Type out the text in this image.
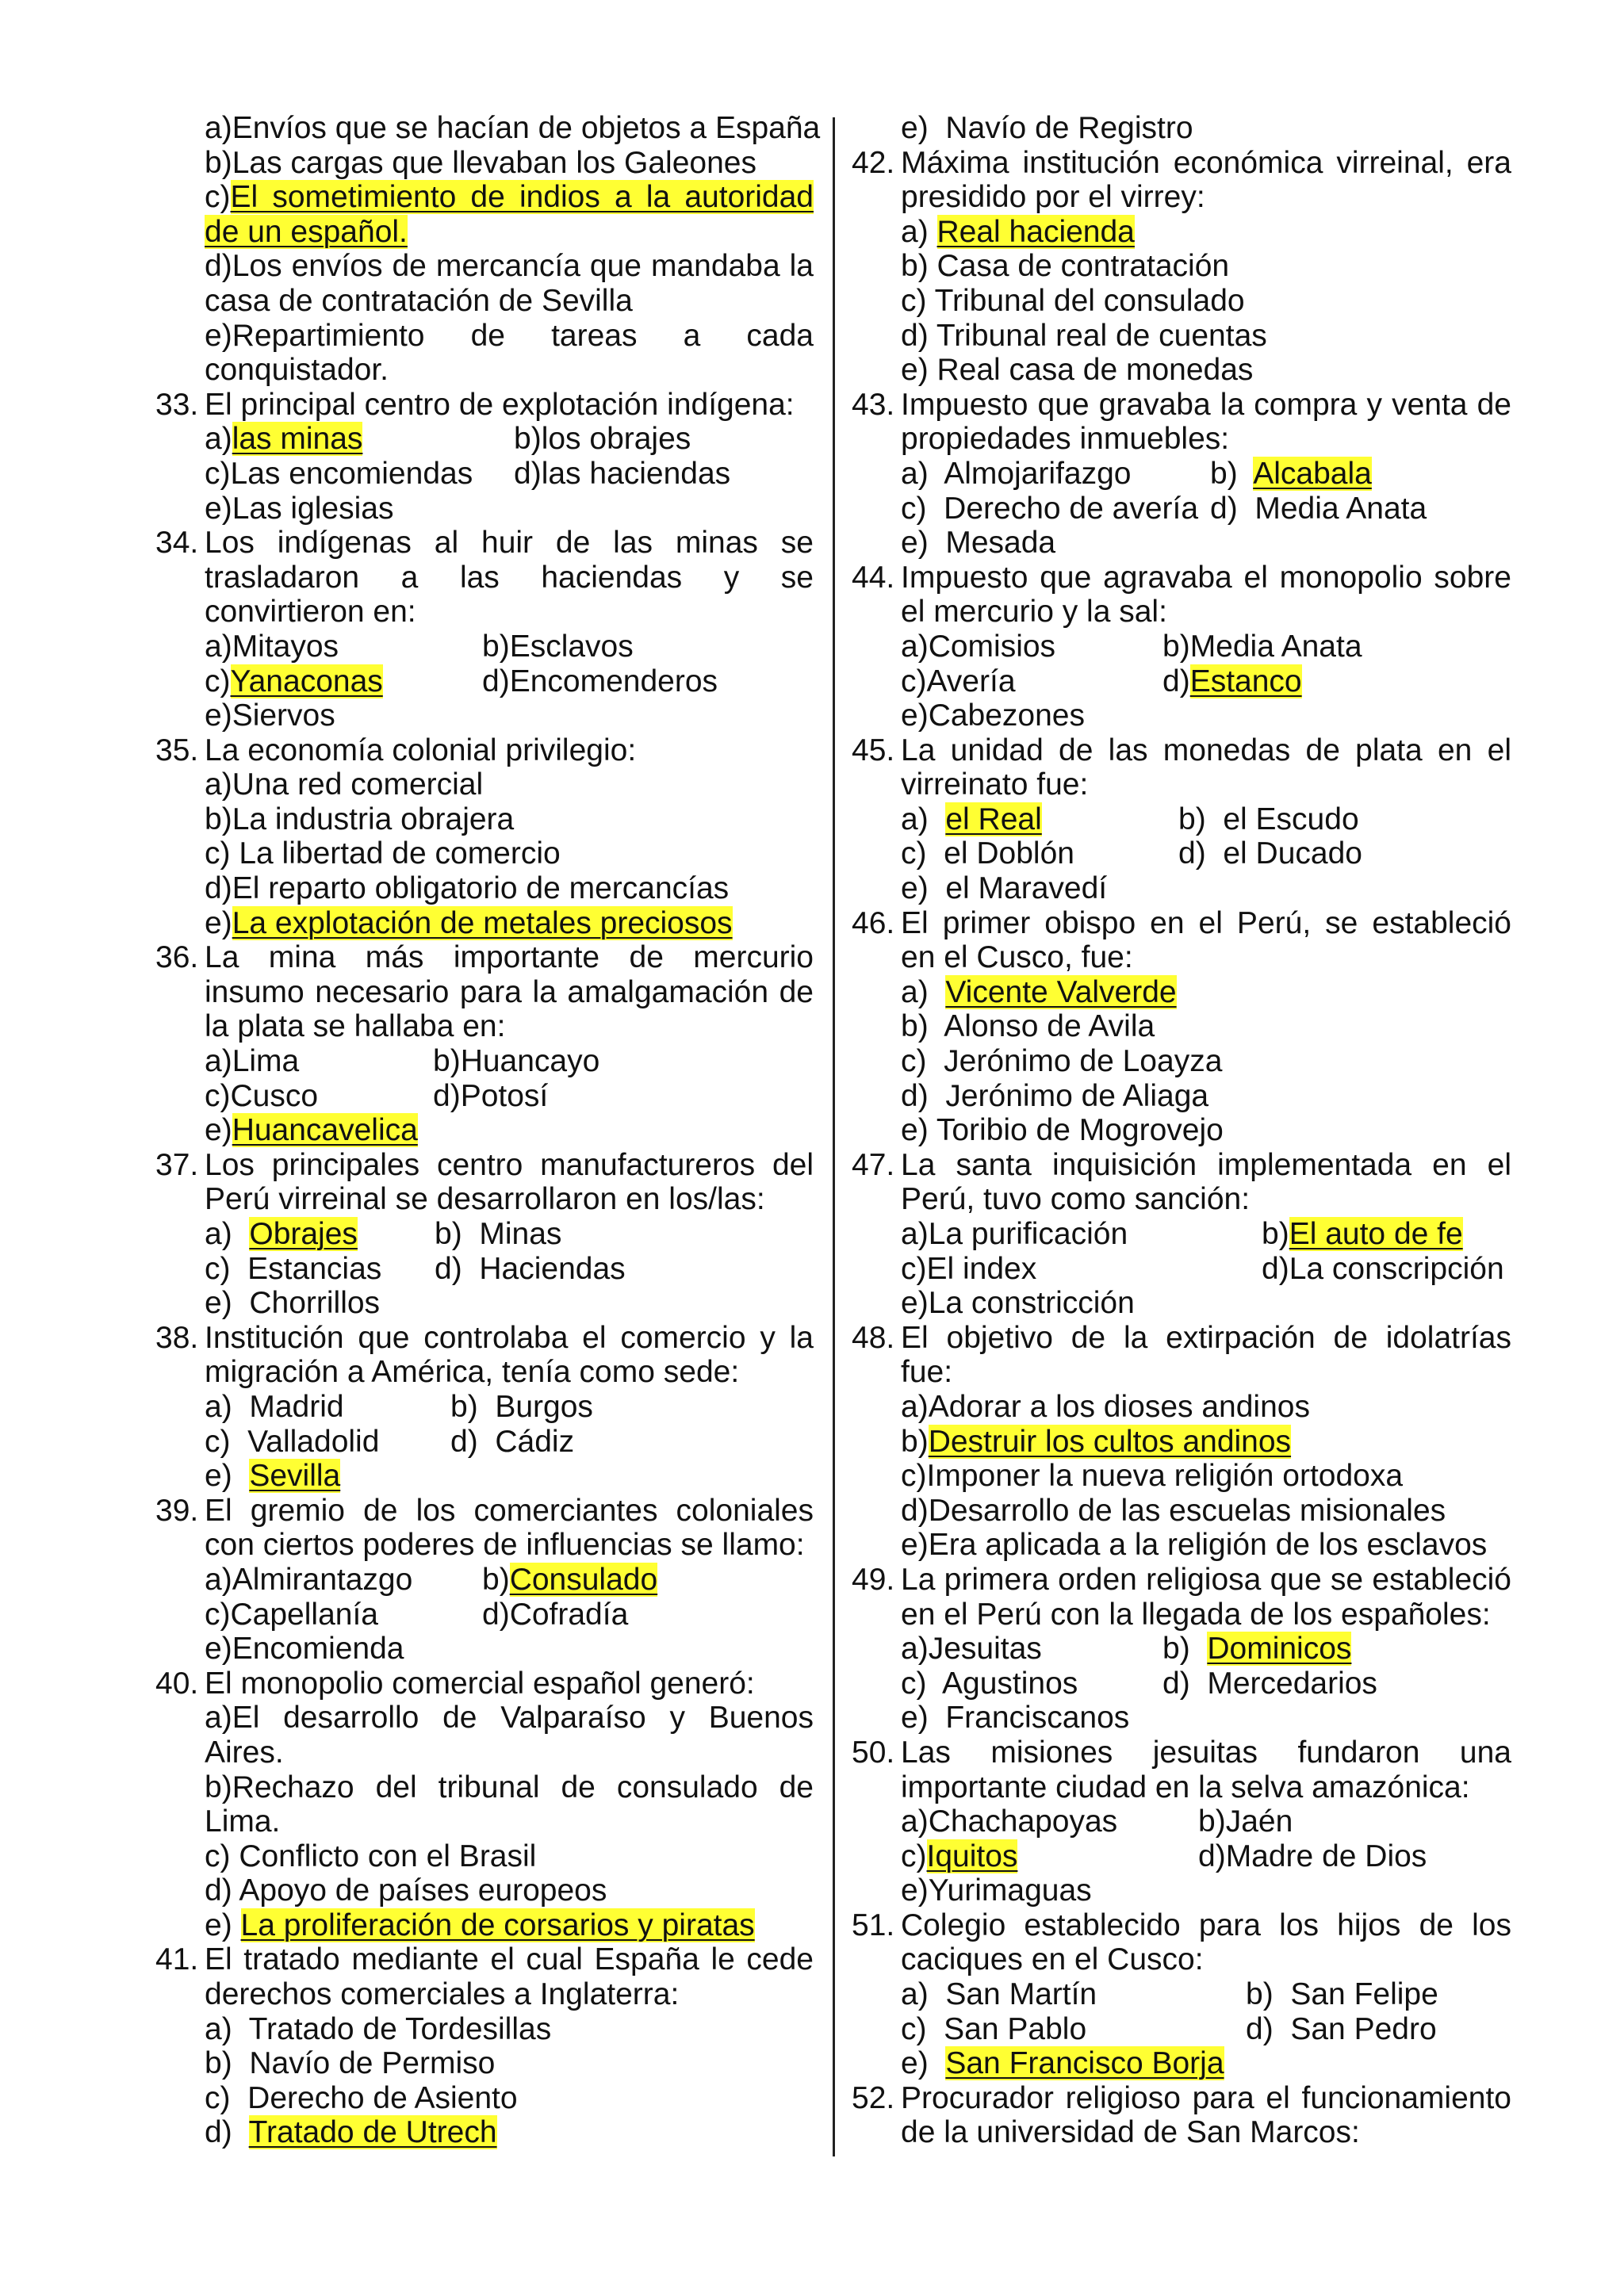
a)Envíos que se hacían de objetos a España
b)Las cargas que llevaban los Galeones
c)El sometimiento de indios a la autoridad de un español.
d)Los envíos de mercancía que mandaba la casa de contratación de Sevilla
e)Repartimiento de tareas a cada conquistador.
33. El principal centro de explotación indígena:
a)las minas	b)los obrajes
c)Las encomiendas d)las haciendas
e)Las iglesias
34. Los indígenas al huir de las minas se trasladaron a las haciendas y se convirtieron en:
a)Mitayos	b)Esclavos
c)Yanaconas	d)Encomenderos
e)Siervos
35. La economía colonial privilegio:
a)Una red comercial
b)La industria obrajera
c) La libertad de comercio
d)El reparto obligatorio de mercancías
e)La explotación de metales preciosos
36. La mina más importante de mercurio insumo necesario para la amalgamación de la plata se hallaba en:
a)Lima	b)Huancayo
c)Cusco	d)Potosí
e)Huancavelica
37. Los principales centro manufactureros del Perú virreinal se desarrollaron en los/las:
a)  Obrajes b)  Minas
c)  Estancias d)  Haciendas
e)  Chorrillos
38. Institución que controlaba el comercio y la migración a América, tenía como sede:
a)  Madrid	b)  Burgos
c)  Valladolid d)  Cádiz
e)  Sevilla
39. El gremio de los comerciantes coloniales con ciertos poderes de influencias se llamo:
a)Almirantazgo b)Consulado
c)Capellanía	d)Cofradía
e)Encomienda
40. El monopolio comercial español generó:
a)El desarrollo de Valparaíso y Buenos Aires.
b)Rechazo del tribunal de consulado de Lima.
c) Conflicto con el Brasil
d) Apoyo de países europeos
e) La proliferación de corsarios y piratas
41. El tratado mediante el cual España le cede derechos comerciales a Inglaterra:
a)  Tratado de Tordesillas
b)  Navío de Permiso
c)  Derecho de Asiento
d)  Tratado de Utrech
e)  Navío de Registro
42. Máxima institución económica virreinal, era presidido por el virrey:
a) Real hacienda
b) Casa de contratación
c) Tribunal del consulado
d) Tribunal real de cuentas
e) Real casa de monedas
43. Impuesto que gravaba la compra y venta de propiedades inmuebles:
a)  Almojarifazgo	b)  Alcabala
c)  Derecho de avería d)  Media Anata
e)  Mesada
44. Impuesto que agravaba el monopolio sobre el mercurio y la sal:
a)Comisios	b)Media Anata
c)Avería	d)Estanco
e)Cabezones
45. La unidad de las monedas de plata en el virreinato fue:
a)  el Real	b)  el Escudo
c)  el Doblón	d)  el Ducado
e)  el Maravedí
46. El primer obispo en el Perú, se estableció en el Cusco, fue:
a)  Vicente Valverde
b)  Alonso de Avila
c)  Jerónimo de Loayza
d)  Jerónimo de Aliaga
e) Toribio de Mogrovejo
47. La santa inquisición implementada en el Perú, tuvo como sanción:
a)La purificación	b)El auto de fe
c)El index	d)La conscripción
e)La constricción
48. El objetivo de la extirpación de idolatrías fue:
a)Adorar a los dioses andinos
b)Destruir los cultos andinos
c)Imponer la nueva religión ortodoxa
d)Desarrollo de las escuelas misionales
e)Era aplicada a la religión de los esclavos
49. La primera orden religiosa que se estableció en el Perú con la llegada de los españoles:
a)Jesuitas	b)  Dominicos
c)  Agustinos	d)  Mercedarios
e)  Franciscanos
50. Las misiones jesuitas fundaron una importante ciudad en la selva amazónica:
a)Chachapoyas	b)Jaén
c)Iquitos	d)Madre de Dios
e)Yurimaguas
51. Colegio establecido para los hijos de los caciques en el Cusco:
a)  San Martín	b)  San Felipe
c)  San Pablo	d)  San Pedro
e)  San Francisco Borja
52. Procurador religioso para el funcionamiento de la universidad de San Marcos:
